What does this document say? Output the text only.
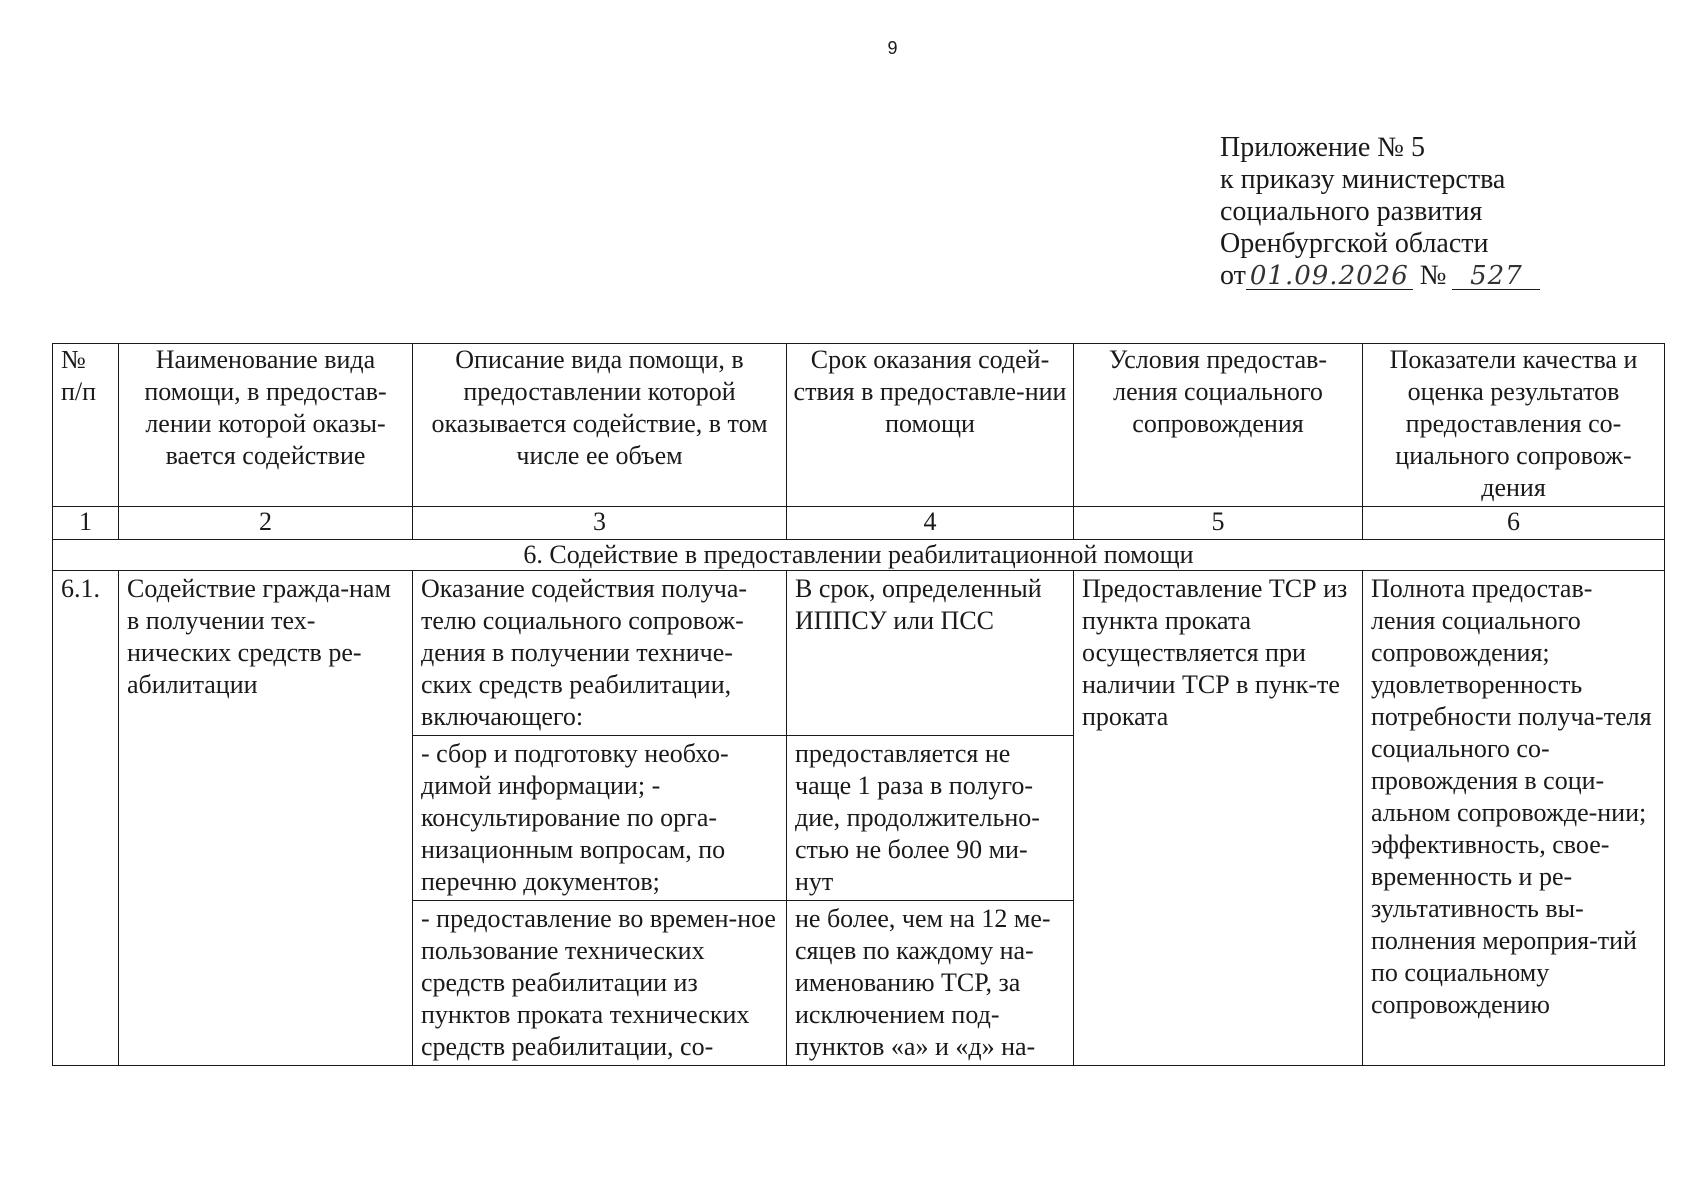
9
Приложение № 5
к приказу министерства
социального развития
Оренбургской области
от 01.09.2026 № 527
№ п/п	Наименование вида помощи, в предостав-лении которой оказы-вается содействие	Описание вида помощи, в предоставлении которой оказывается содействие, в том числе ее объем	Срок оказания содей-ствия в предоставле-нии помощи	Условия предостав-ления социального сопровождения	Показатели качества и оценка результатов предоставления со-циального сопровож-дения
1	2	3	4	5	6
6. Содействие в предоставлении реабилитационной помощи					
6.1.	Содействие гражда-нам в получении тех-нических средств ре-абилитации	Оказание содействия получа-телю социального сопровож-дения в получении техниче-ских средств реабилитации, включающего:	В срок, определенный ИППСУ или ПСС	Предоставление ТСР из пункта проката осуществляется при наличии ТСР в пунк-те проката	Полнота предостав-ления социального сопровождения; удовлетворенность потребности получа-теля социального со-провождения в соци-альном сопровожде-нии; эффективность, свое-временность и ре-зультативность вы-полнения мероприя-тий по социальному сопровождению
		- сбор и подготовку необхо-димой информации; - консультирование по орга-низационным вопросам, по перечню документов;	предоставляется не чаще 1 раза в полуго-дие, продолжительно-стью не более 90 ми-нут		
		- предоставление во времен-ное пользование технических средств реабилитации из пунктов проката технических средств реабилитации, со-	не более, чем на 12 ме-сяцев по каждому на-именованию ТСР, за исключением под-пунктов «а» и «д» на-		
